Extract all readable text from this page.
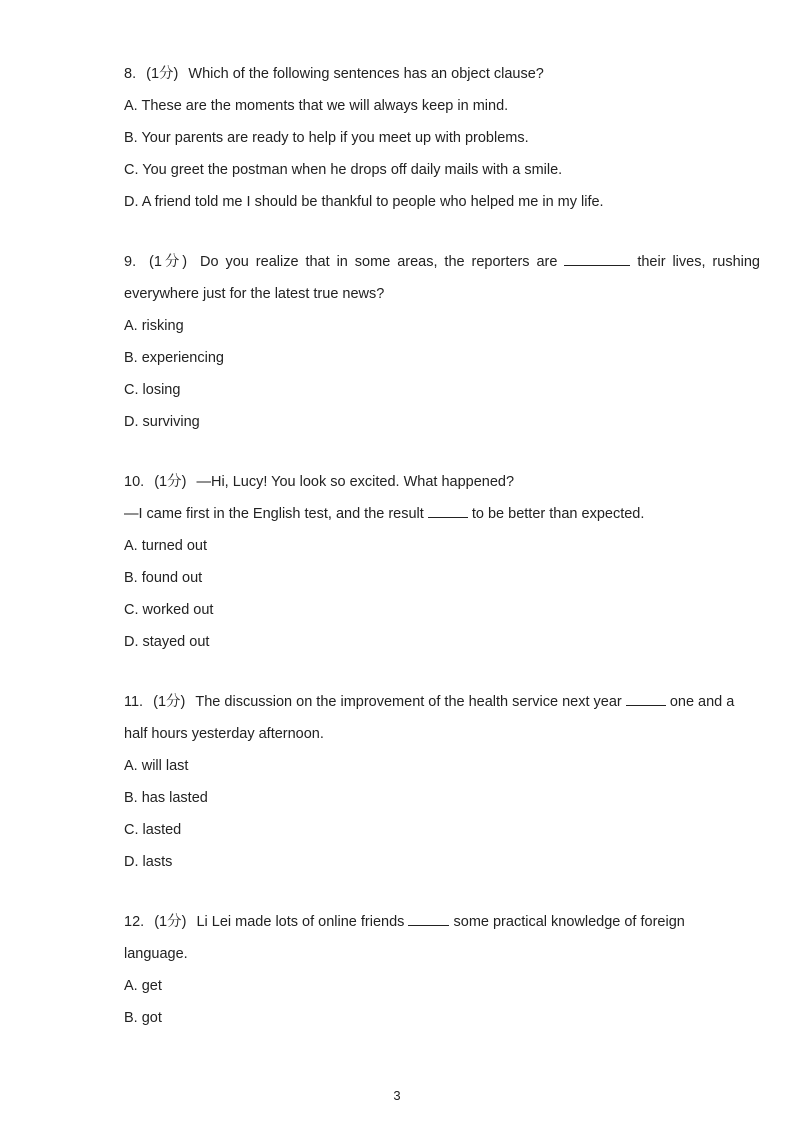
8. (1分) Which of the following sentences has an object clause?
A. These are the moments that we will always keep in mind.
B. Your parents are ready to help if you meet up with problems.
C. You greet the postman when he drops off daily mails with a smile.
D. A friend told me I should be thankful to people who helped me in my life.
9. (1分) Do you realize that in some areas, the reporters are	their lives, rushing
everywhere just for the latest true news?
A. risking
B. experiencing
C. losing
D. surviving
10. (1分) —Hi, Lucy! You look so excited. What happened?
—I came first in the English test, and the result	to be better than expected.
A. turned out
B. found out
C. worked out
D. stayed out
11. (1分) The discussion on the improvement of the health service next year	one and a
half hours yesterday afternoon.
A. will last
B. has lasted
C. lasted
D. lasts
12. (1分) Li Lei made lots of online friends	some practical knowledge of foreign
language.
A. get
B. got
3
